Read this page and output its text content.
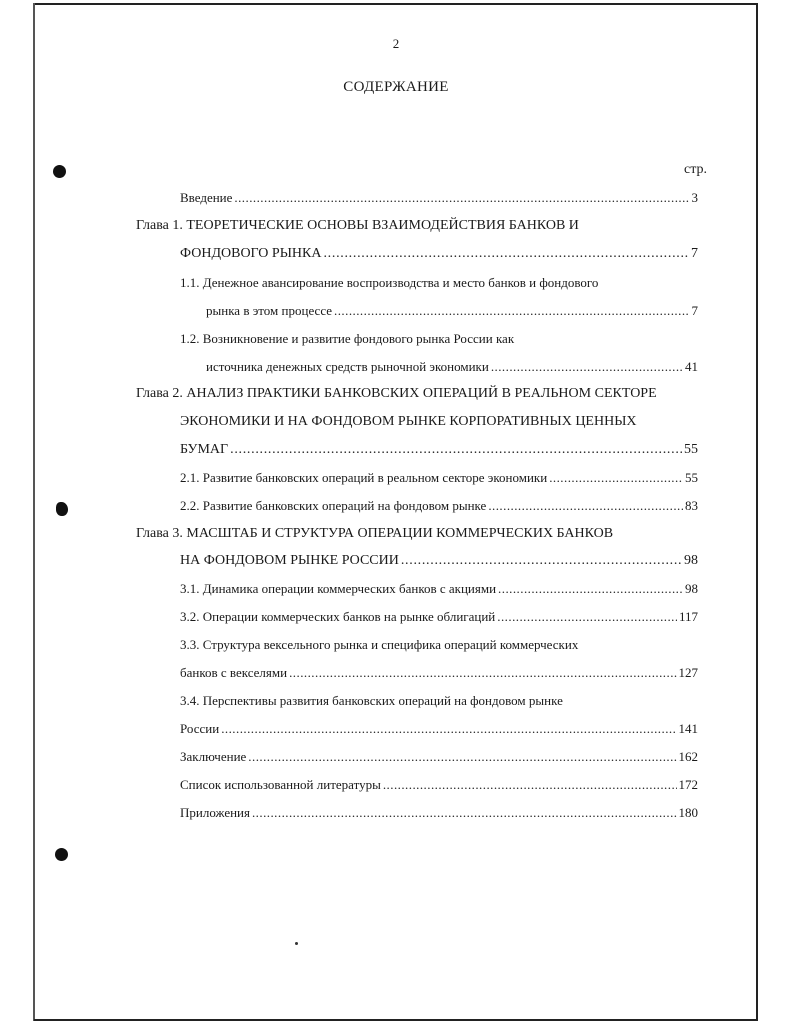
2
СОДЕРЖАНИЕ
стр.
Введение . . .	3
Глава 1. ТЕОРЕТИЧЕСКИЕ ОСНОВЫ ВЗАИМОДЕЙСТВИЯ БАНКОВ И
ФОНДОВОГО РЫНКА . . .	7
1.1. Денежное авансирование воспроизводства и место банков и фондового
рынка в этом процессе . . .	7
1.2. Возникновение и развитие фондового рынка России как
источника денежных средств рыночной экономики . . .	41
Глава 2. АНАЛИЗ ПРАКТИКИ БАНКОВСКИХ ОПЕРАЦИЙ В РЕАЛЬНОМ СЕКТОРЕ
ЭКОНОМИКИ И НА ФОНДОВОМ РЫНКЕ КОРПОРАТИВНЫХ ЦЕННЫХ
БУМАГ . . .	55
2.1. Развитие банковских операций в реальном секторе экономики . . .	55
2.2. Развитие банковских операций на фондовом рынке . . .	83
Глава 3. МАСШТАБ И СТРУКТУРА ОПЕРАЦИИ КОММЕРЧЕСКИХ БАНКОВ
НА ФОНДОВОМ РЫНКЕ РОССИИ . . .	98
3.1. Динамика операции коммерческих банков с акциями . . .	98
3.2. Операции коммерческих банков на рынке облигаций . . .	117
3.3. Структура вексельного рынка и специфика операций коммерческих
банков с векселями . . .	127
3.4. Перспективы развития банковских операций на фондовом рынке
России . . .	141
Заключение . . .	162
Список использованной литературы . . .	172
Приложения . . .	180
